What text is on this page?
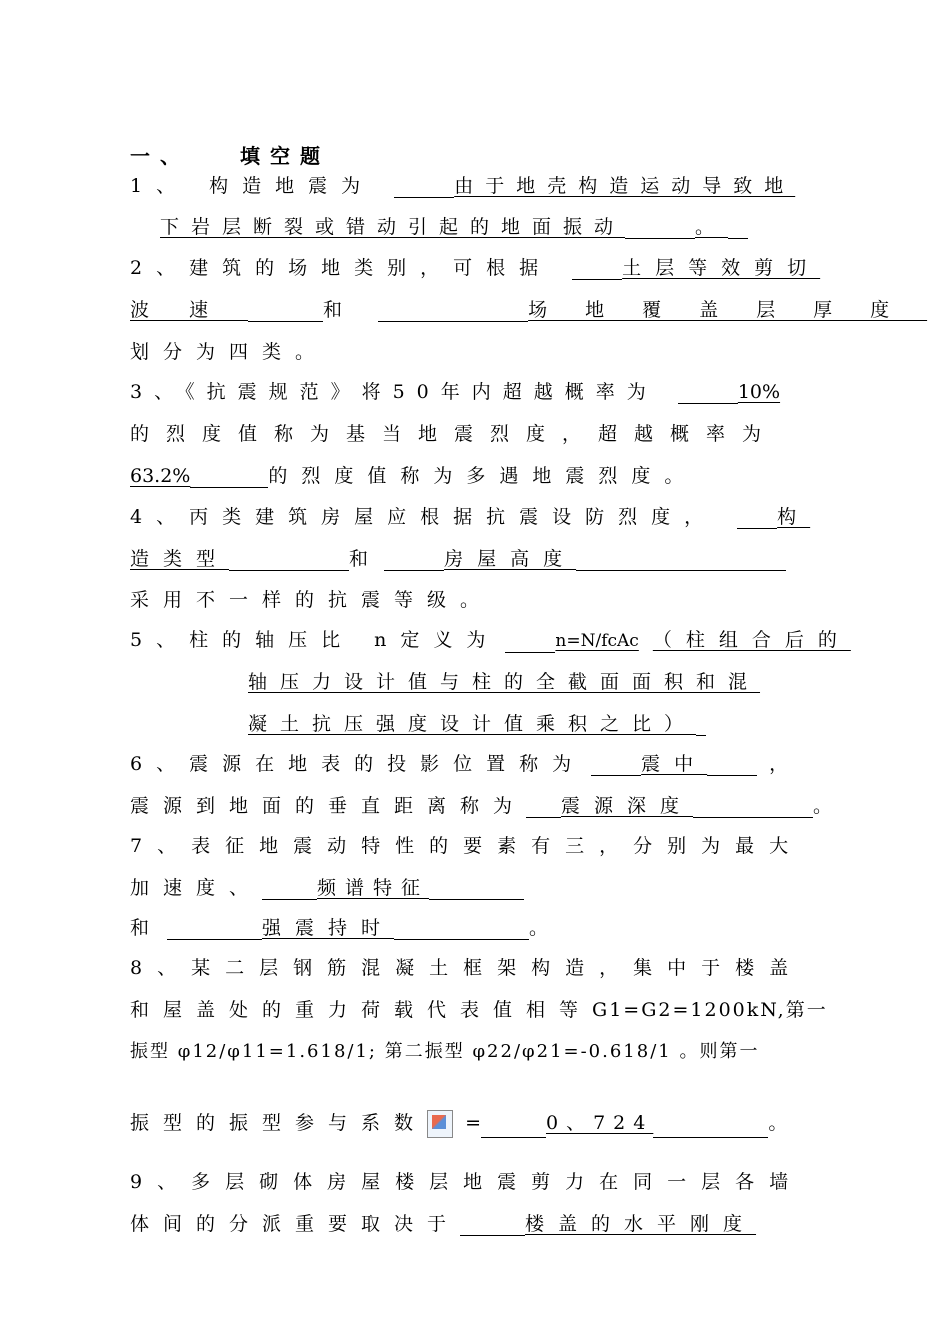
一、　　填空题
1、 构造地震为	由于地壳构造运动导致地
下岩层断裂或错动引起的地面振动	。
2、建筑的场地类别，可根据	土层等效剪切
波速	和	场地覆盖层厚度
划分为四类。
3、《抗震规范》将50年内超越概率为	10%
的烈度值称为基当地震烈度，超越概率为
63.2%	的烈度值称为多遇地震烈度。
4、丙类建筑房屋应根据抗震设防烈度，	构
造类型	和	房屋高度
采用不一样的抗震等级。
5、柱的轴压比 n定义为	n=N/fcAc （柱组合后的
轴压力设计值与柱的全截面面积和混
凝土抗压强度设计值乘积之比）
6、震源在地表的投影位置称为	震中	，
震源到地面的垂直距离称为 震源深度	。
7、表征地震动特性的要素有三，分别为最大
加速度、	频谱特征
和	强震持时	。
8、某二层钢筋混凝土框架构造，集中于楼盖
和屋盖处的重力荷载代表值相等G1=G2=1200kN,第一
振型 φ12/φ11=1.618/1; 第二振型 φ22/φ21=-0.618/1 。则第一
振型的振型参与系数 =	0、724	。
9、多层砌体房屋楼层地震剪力在同一层各墙
体间的分派重要取决于	楼盖的水平刚度
